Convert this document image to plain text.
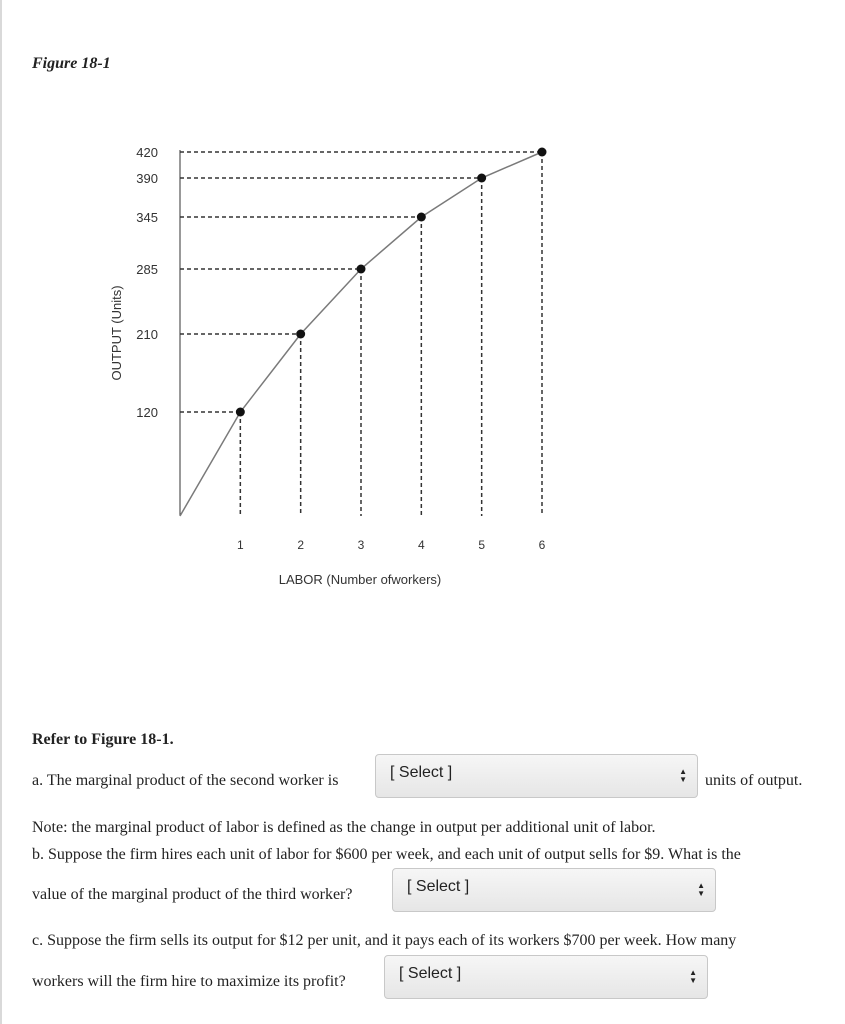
Figure 18-1
420
390
345
285
210
120
1	2	3	4	5	6
LABOR (Number ofworkers)
OUTPUT (Units)
Refer to Figure 18-1.
a. The marginal product of the second worker is	[ Select ]	▲
▼ units of output.
Note: the marginal product of labor is defined as the change in output per additional unit of labor.
b. Suppose the firm hires each unit of labor for $600 per week, and each unit of output sells for $9. What is the
value of the marginal product of the third worker?	[ Select ]	▲
▼
c. Suppose the firm sells its output for $12 per unit, and it pays each of its workers $700 per week. How many
workers will the firm hire to maximize its profit?	[ Select ]	▲
▼
